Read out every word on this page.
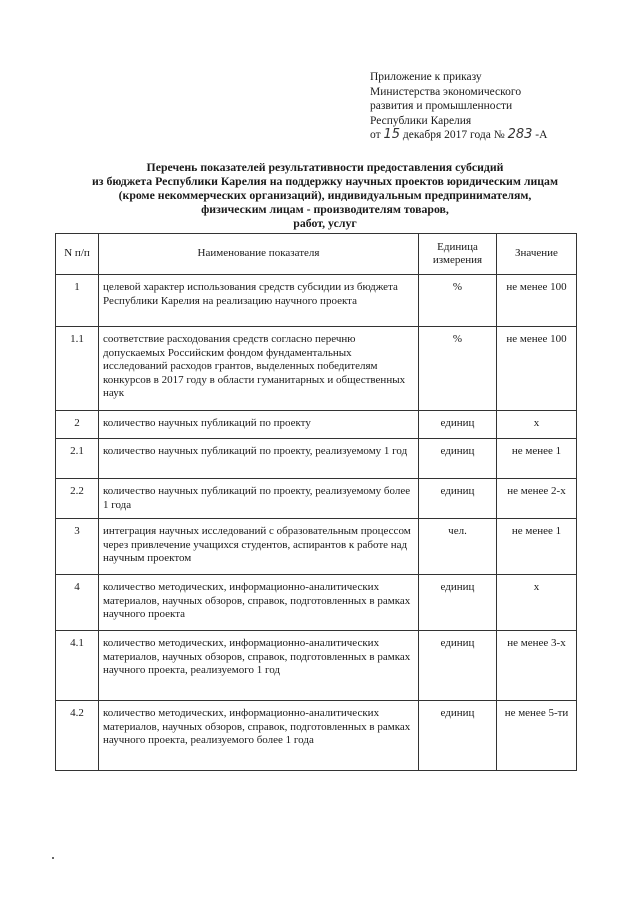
Приложение к приказу
Министерства экономического
развития и промышленности
Республики Карелия
от 15 декабря 2017 года № 283 -А
Перечень показателей результативности предоставления субсидий
из бюджета Республики Карелия на поддержку научных проектов юридическим лицам
(кроме некоммерческих организаций), индивидуальным предпринимателям,
физическим лицам - производителям товаров,
работ, услуг
N п/п	Наименование показателя	Единица измерения	Значение
1	целевой характер использования средств субсидии из бюджета Республики Карелия на реализацию научного проекта	%	не менее 100
1.1	соответствие расходования средств согласно перечню допускаемых Российским фондом фундаментальных исследований расходов грантов, выделенных победителям конкурсов в 2017 году в области гуманитарных и общественных наук	%	не менее 100
2	количество научных публикаций по проекту	единиц	х
2.1	количество научных публикаций по проекту, реализуемому 1 год	единиц	не менее 1
2.2	количество научных публикаций по проекту, реализуемому более 1 года	единиц	не менее 2-х
3	интеграция научных исследований с образовательным процессом через привлечение учащихся студентов, аспирантов к работе над научным проектом	чел.	не менее 1
4	количество методических, информационно-аналитических материалов, научных обзоров, справок, подготовленных в рамках научного проекта	единиц	х
4.1	количество методических, информационно-аналитических материалов, научных обзоров, справок, подготовленных в рамках научного проекта, реализуемого 1 год	единиц	не менее 3-х
4.2	количество методических, информационно-аналитических материалов, научных обзоров, справок, подготовленных в рамках научного проекта, реализуемого более 1 года	единиц	не менее 5-ти
